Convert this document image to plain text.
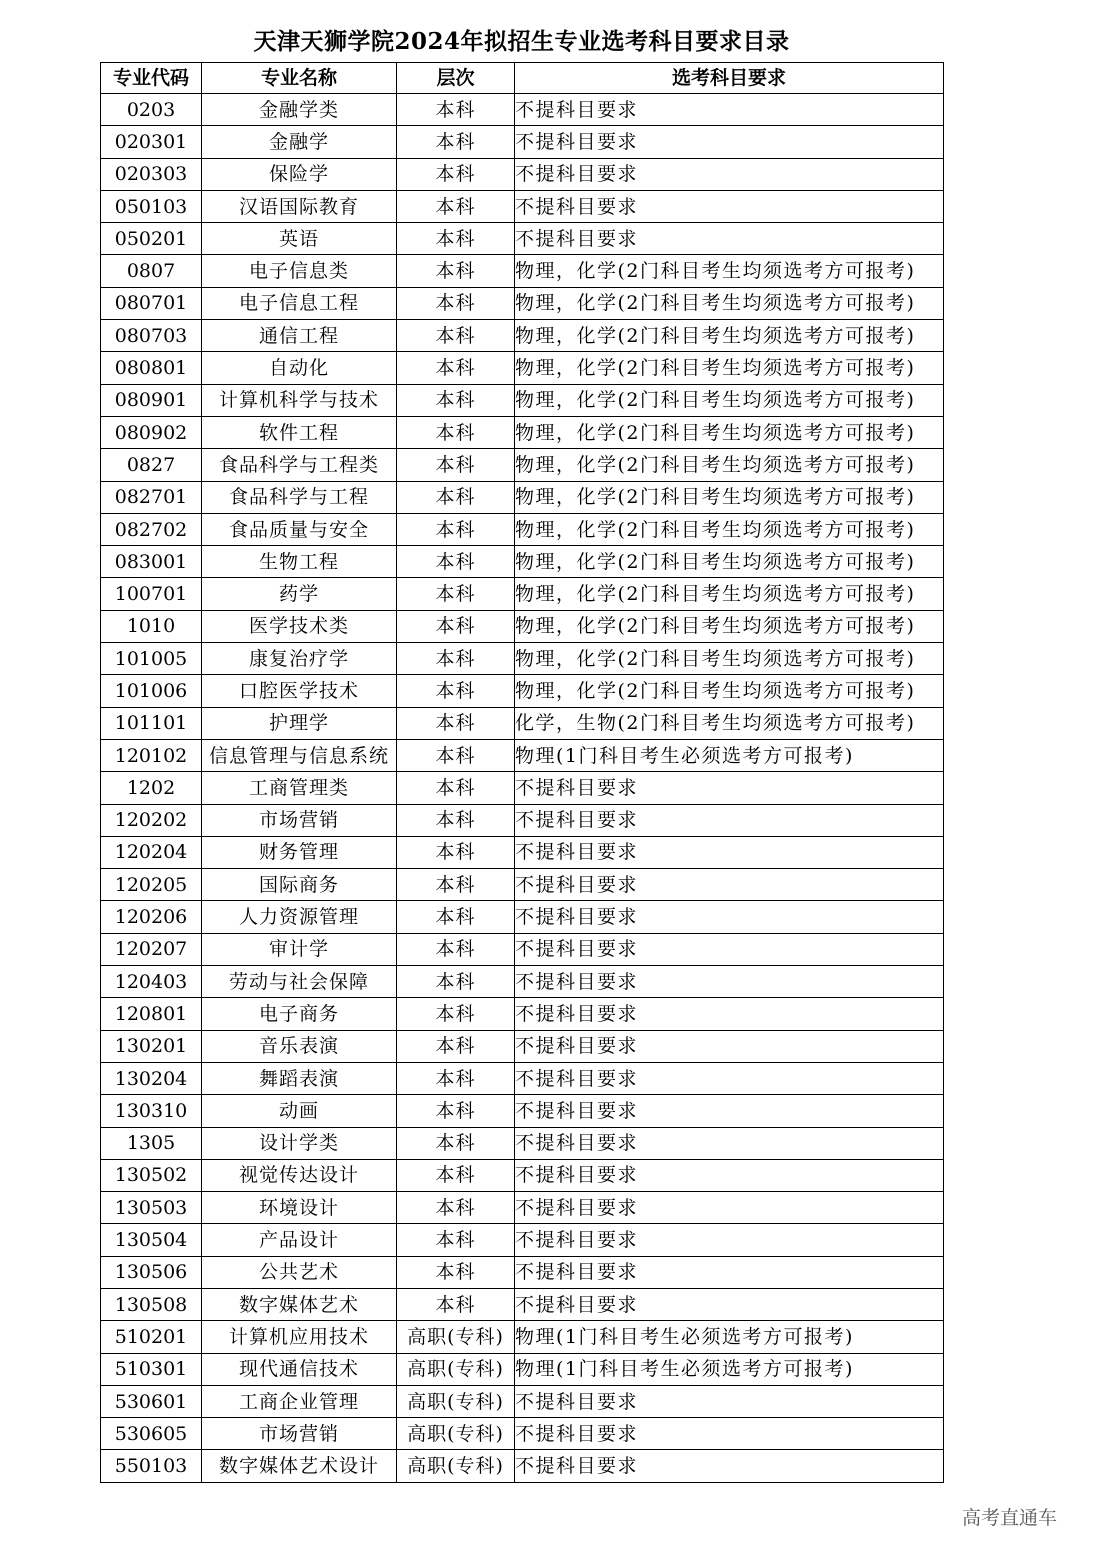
天津天狮学院2024年拟招生专业选考科目要求目录
专业代码	专业名称	层次	选考科目要求
0203	金融学类	本科	不提科目要求
020301	金融学	本科	不提科目要求
020303	保险学	本科	不提科目要求
050103	汉语国际教育	本科	不提科目要求
050201	英语	本科	不提科目要求
0807	电子信息类	本科	物理，化学(2门科目考生均须选考方可报考)
080701	电子信息工程	本科	物理，化学(2门科目考生均须选考方可报考)
080703	通信工程	本科	物理，化学(2门科目考生均须选考方可报考)
080801	自动化	本科	物理，化学(2门科目考生均须选考方可报考)
080901	计算机科学与技术	本科	物理，化学(2门科目考生均须选考方可报考)
080902	软件工程	本科	物理，化学(2门科目考生均须选考方可报考)
0827	食品科学与工程类	本科	物理，化学(2门科目考生均须选考方可报考)
082701	食品科学与工程	本科	物理，化学(2门科目考生均须选考方可报考)
082702	食品质量与安全	本科	物理，化学(2门科目考生均须选考方可报考)
083001	生物工程	本科	物理，化学(2门科目考生均须选考方可报考)
100701	药学	本科	物理，化学(2门科目考生均须选考方可报考)
1010	医学技术类	本科	物理，化学(2门科目考生均须选考方可报考)
101005	康复治疗学	本科	物理，化学(2门科目考生均须选考方可报考)
101006	口腔医学技术	本科	物理，化学(2门科目考生均须选考方可报考)
101101	护理学	本科	化学，生物(2门科目考生均须选考方可报考)
120102	信息管理与信息系统	本科	物理(1门科目考生必须选考方可报考)
1202	工商管理类	本科	不提科目要求
120202	市场营销	本科	不提科目要求
120204	财务管理	本科	不提科目要求
120205	国际商务	本科	不提科目要求
120206	人力资源管理	本科	不提科目要求
120207	审计学	本科	不提科目要求
120403	劳动与社会保障	本科	不提科目要求
120801	电子商务	本科	不提科目要求
130201	音乐表演	本科	不提科目要求
130204	舞蹈表演	本科	不提科目要求
130310	动画	本科	不提科目要求
1305	设计学类	本科	不提科目要求
130502	视觉传达设计	本科	不提科目要求
130503	环境设计	本科	不提科目要求
130504	产品设计	本科	不提科目要求
130506	公共艺术	本科	不提科目要求
130508	数字媒体艺术	本科	不提科目要求
510201	计算机应用技术	高职(专科)	物理(1门科目考生必须选考方可报考)
510301	现代通信技术	高职(专科)	物理(1门科目考生必须选考方可报考)
530601	工商企业管理	高职(专科)	不提科目要求
530605	市场营销	高职(专科)	不提科目要求
550103	数字媒体艺术设计	高职(专科)	不提科目要求
高考直通车
